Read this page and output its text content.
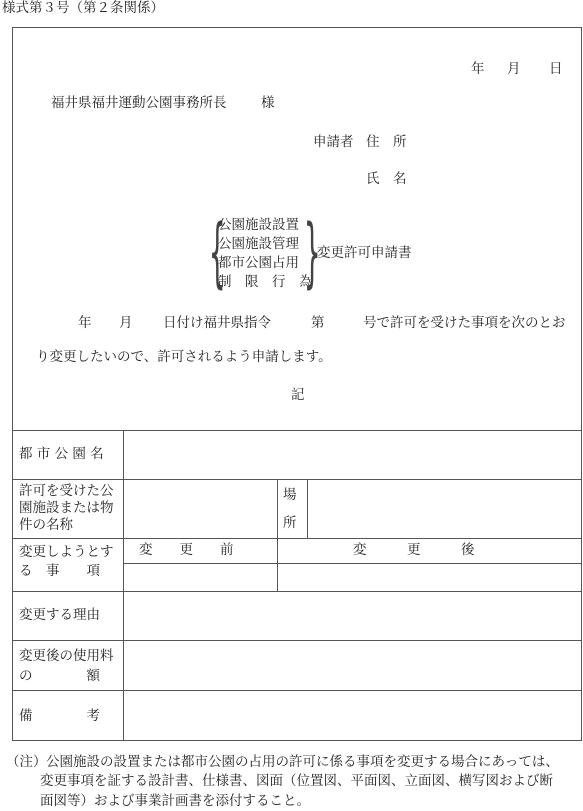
様式第３号（第２条関係）
年 月 日
福井県福井運動公園事務所長	様
申請者 住　所
氏　名
{
公園施設設置
公園施設管理
都市公園占用
制　限　行　為
}
変更許可申請書
年 月 日付け福井県指令	第	号で許可を受けた事項を次のとお
り変更したいので、許可されるよう申請します。
記
都 市 公 園 名
許可を受けた公
園施設または物
件の名称
場
所
変更しようとす
る　事　　項
変　　更　　前	変　　　更　　　後
変更する理由
変更後の使用料
の　　　　額
備　　　　考
（注） 公園施設の設置または都市公園の占用の許可に係る事項を変更する場合にあっては、
変更事項を証する設計書、仕様書、図面（位置図、平面図、立面図、横写図および断
面図等）および事業計画書を添付すること。
